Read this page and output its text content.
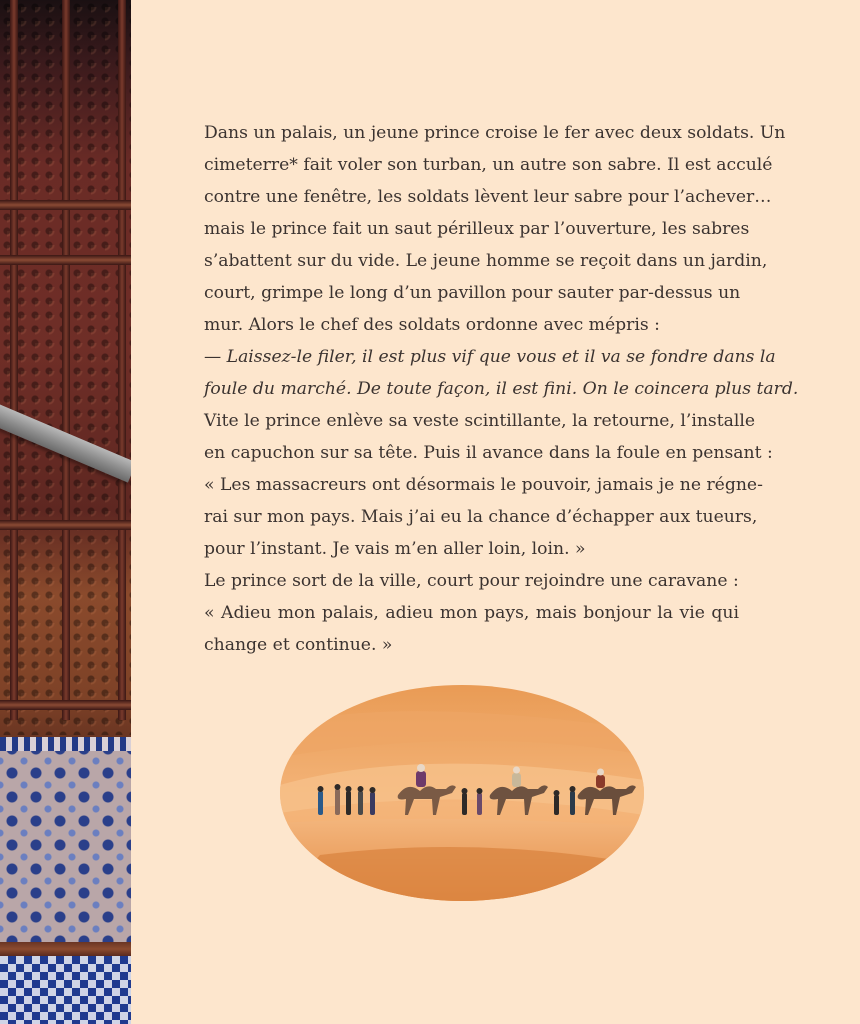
Dans un palais, un jeune prince croise le fer avec deux soldats. Un
cimeterre* fait voler son turban, un autre son sabre. Il est acculé
contre une fenêtre, les soldats lèvent leur sabre pour l’achever…
mais le prince fait un saut périlleux par l’ouverture, les sabres
s’abattent sur du vide. Le jeune homme se reçoit dans un jardin,
court, grimpe le long d’un pavillon pour sauter par-dessus un
mur. Alors le chef des soldats ordonne avec mépris :
— Laissez-le filer, il est plus vif que vous et il va se fondre dans la
foule du marché. De toute façon, il est fini. On le coincera plus tard.
Vite le prince enlève sa veste scintillante, la retourne, l’installe
en capuchon sur sa tête. Puis il avance dans la foule en pensant :
« Les massacreurs ont désormais le pouvoir, jamais je ne régne-
rai sur mon pays. Mais j’ai eu la chance d’échapper aux tueurs,
pour l’instant. Je vais m’en aller loin, loin. »
Le prince sort de la ville, court pour rejoindre une caravane :
« Adieu mon palais, adieu mon pays, mais bonjour la vie qui
change et continue. »
